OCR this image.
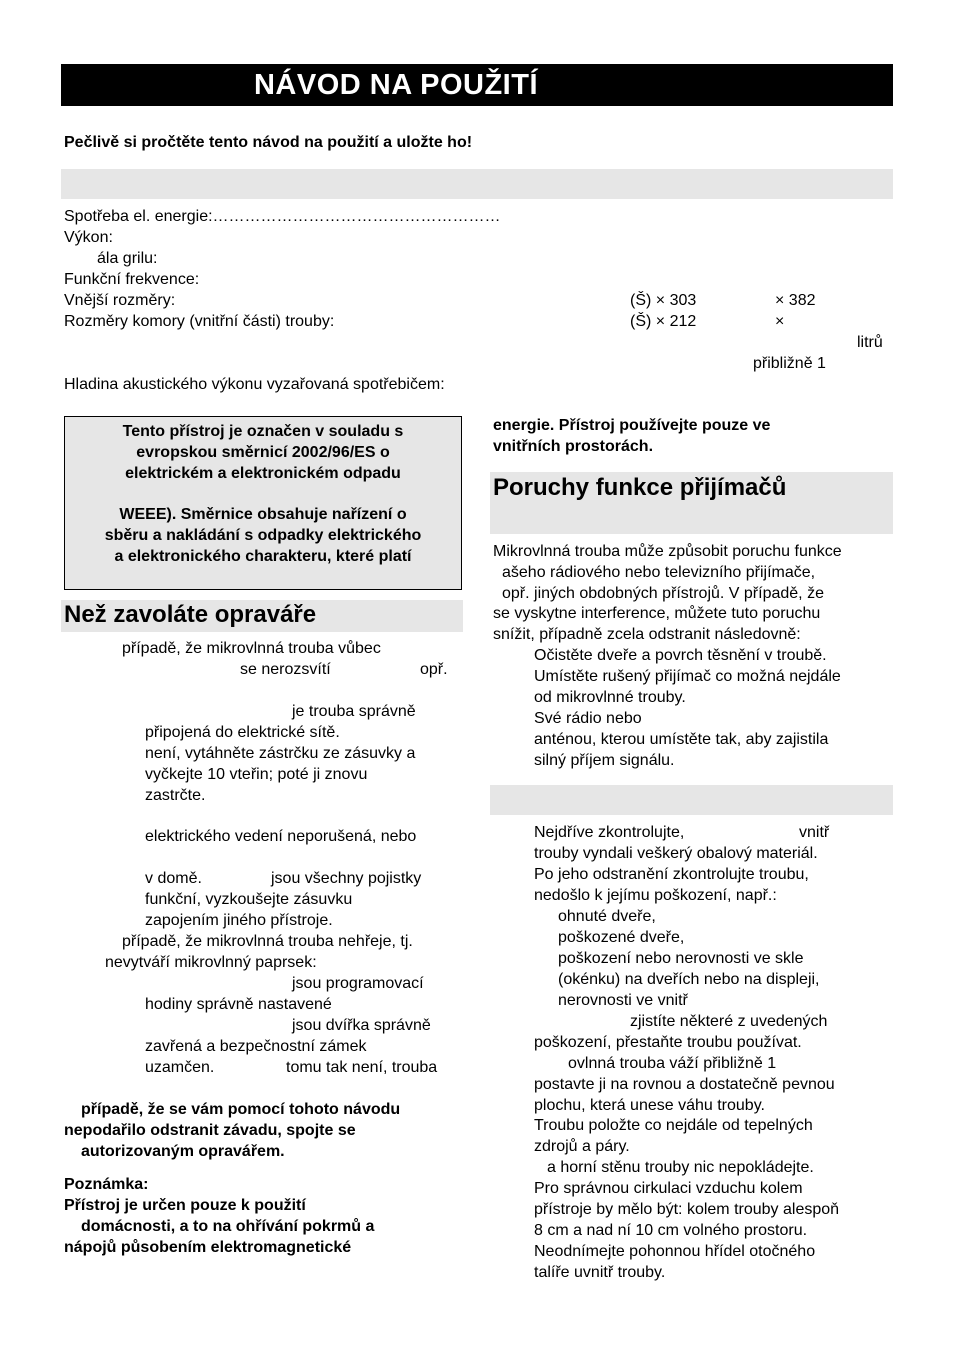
NÁVOD NA POUŽITÍ
Pečlivě si pročtěte tento návod na použití a uložte ho!
Spotřeba el. energie:………………………………………………
Výkon:
ála grilu:
Funkční frekvence:
Vnější rozměry:	(Š) × 303	× 382
Rozměry komory (vnitřní části) trouby:	(Š) × 212	×
litrů
přibližně 1
Hladina akustického výkonu vyzařovaná spotřebičem:
Tento přístroj je označen v souladu s
evropskou směrnicí 2002/96/ES o
elektrickém a elektronickém odpadu
WEEE). Směrnice obsahuje nařízení o
sběru a nakládání s odpadky elektrického
a elektronického charakteru, které platí
Než zavoláte opraváře
případě, že mikrovlnná trouba vůbec
se nerozsvítí	opř.
je trouba správně
připojená do elektrické sítě.
není, vytáhněte zástrčku ze zásuvky a
vyčkejte 10 vteřin; poté ji znovu
zastrčte.
elektrického vedení neporušená, nebo
v domě.	jsou všechny pojistky
funkční, vyzkoušejte zásuvku
zapojením jiného přístroje.
případě, že mikrovlnná trouba nehřeje, tj.
nevytváří mikrovlnný paprsek:
jsou programovací
hodiny správně nastavené
jsou dvířka správně
zavřená a bezpečnostní zámek
uzamčen.	tomu tak není, trouba
případě, že se vám pomocí tohoto návodu
nepodařilo odstranit závadu, spojte se
autorizovaným opravářem.
Poznámka:
Přístroj je určen pouze k použití
domácnosti, a to na ohřívání pokrmů a
nápojů působením elektromagnetické
energie. Přístroj používejte pouze ve
vnitřních prostorách.
Poruchy funkce přijímačů
Mikrovlnná trouba může způsobit poruchu funkce
ašeho rádiového nebo televizního přijímače,
opř. jiných obdobných přístrojů. V případě, že
se vyskytne interference, můžete tuto poruchu
snížit, případně zcela odstranit následovně:
Očistěte dveře a povrch těsnění v troubě.
Umístěte rušený přijímač co možná nejdále
od mikrovlnné trouby.
Své rádio nebo
anténou, kterou umístěte tak, aby zajistila
silný příjem signálu.
Nejdříve zkontrolujte,	vnitř
trouby vyndali veškerý obalový materiál.
Po jeho odstranění zkontrolujte troubu,
nedošlo k jejímu poškození, např.:
ohnuté dveře,
poškozené dveře,
poškození nebo nerovnosti ve skle
(okénku) na dveřích nebo na displeji,
nerovnosti ve vnitř
zjistíte některé z uvedených
poškození, přestaňte troubu používat.
ovlnná trouba váží přibližně 1
postavte ji na rovnou a dostatečně pevnou
plochu, která unese váhu trouby.
Troubu položte co nejdále od tepelných
zdrojů a páry.
a horní stěnu trouby nic nepokládejte.
Pro správnou cirkulaci vzduchu kolem
přístroje by mělo být: kolem trouby alespoň
8 cm a nad ní 10 cm volného prostoru.
Neodnímejte pohonnou hřídel otočného
talíře uvnitř trouby.
